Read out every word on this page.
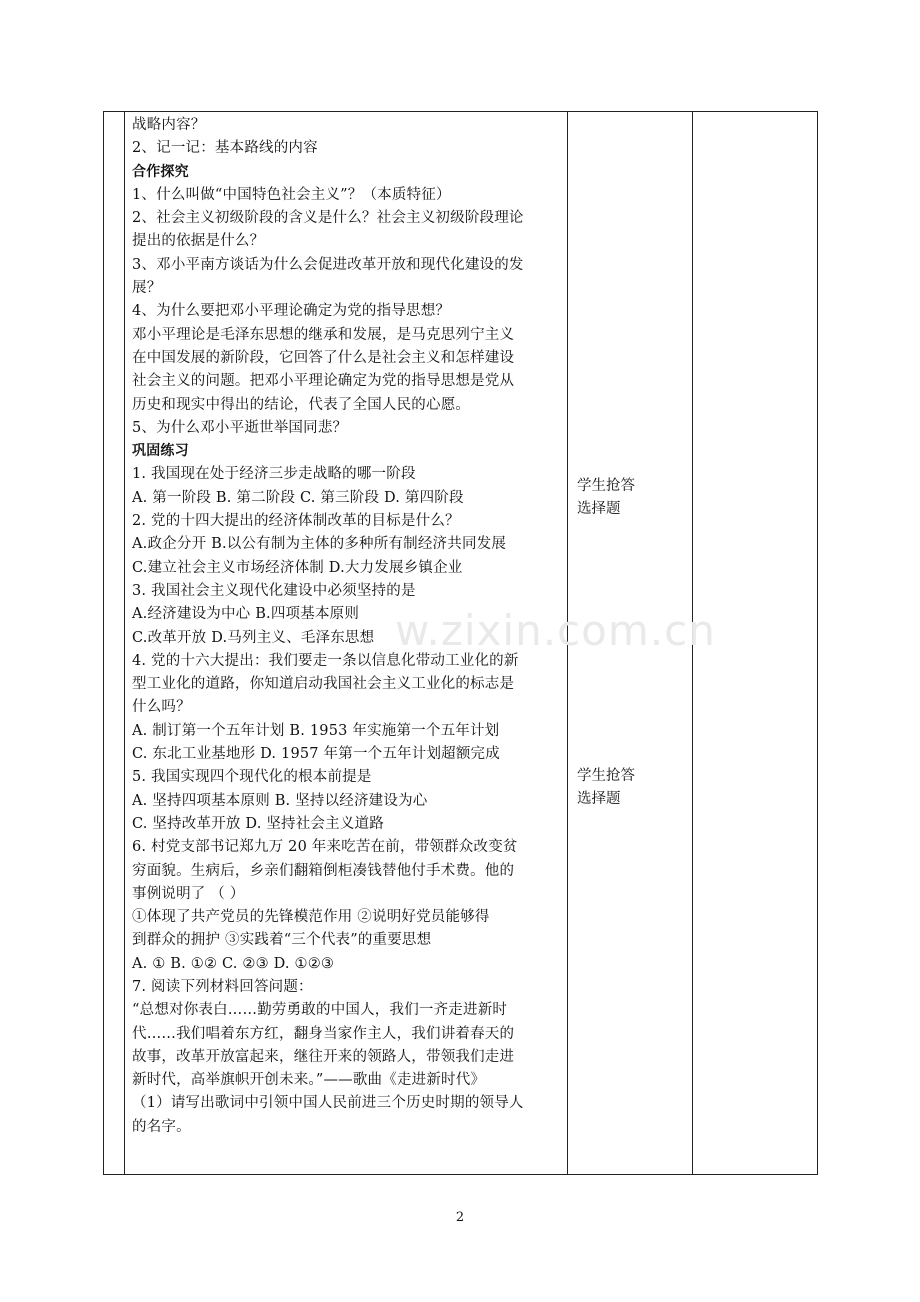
w.zixin.com.cn
战略内容？
2、记一记：基本路线的内容
合作探究
1、什么叫做“中国特色社会主义”？（本质特征）
2、社会主义初级阶段的含义是什么？社会主义初级阶段理论
提出的依据是什么？
3、邓小平南方谈话为什么会促进改革开放和现代化建设的发
展？
4、为什么要把邓小平理论确定为党的指导思想？
邓小平理论是毛泽东思想的继承和发展，是马克思列宁主义
在中国发展的新阶段，它回答了什么是社会主义和怎样建设
社会主义的问题。把邓小平理论确定为党的指导思想是党从
历史和现实中得出的结论，代表了全国人民的心愿。
5、为什么邓小平逝世举国同悲？
巩固练习
1. 我国现在处于经济三步走战略的哪一阶段
A. 第一阶段 B. 第二阶段 C. 第三阶段 D. 第四阶段
2. 党的十四大提出的经济体制改革的目标是什么？
A.政企分开 B.以公有制为主体的多种所有制经济共同发展
C.建立社会主义市场经济体制 D.大力发展乡镇企业
3. 我国社会主义现代化建设中必须坚持的是
A.经济建设为中心 B.四项基本原则
C.改革开放 D.马列主义、毛泽东思想
4. 党的十六大提出：我们要走一条以信息化带动工业化的新
型工业化的道路，你知道启动我国社会主义工业化的标志是
什么吗？
A. 制订第一个五年计划 B. 1953 年实施第一个五年计划
C. 东北工业基地形 D. 1957 年第一个五年计划超额完成
5. 我国实现四个现代化的根本前提是
A. 坚持四项基本原则 B. 坚持以经济建设为心
C. 坚持改革开放 D. 坚持社会主义道路
6. 村党支部书记郑九万 20 年来吃苦在前，带领群众改变贫
穷面貌。生病后，乡亲们翻箱倒柜凑钱替他付手术费。他的
事例说明了 （ ）
①体现了共产党员的先锋模范作用 ②说明好党员能够得
到群众的拥护 ③实践着“三个代表”的重要思想
A. ① B. ①② C. ②③ D. ①②③
7. 阅读下列材料回答问题：
“总想对你表白……勤劳勇敢的中国人，我们一齐走进新时
代……我们唱着东方红，翻身当家作主人，我们讲着春天的
故事，改革开放富起来，继往开来的领路人，带领我们走进
新时代，高举旗帜开创未来。”——歌曲《走进新时代》
（1）请写出歌词中引领中国人民前进三个历史时期的领导人
的名字。
学生抢答
选择题
学生抢答
选择题
2
